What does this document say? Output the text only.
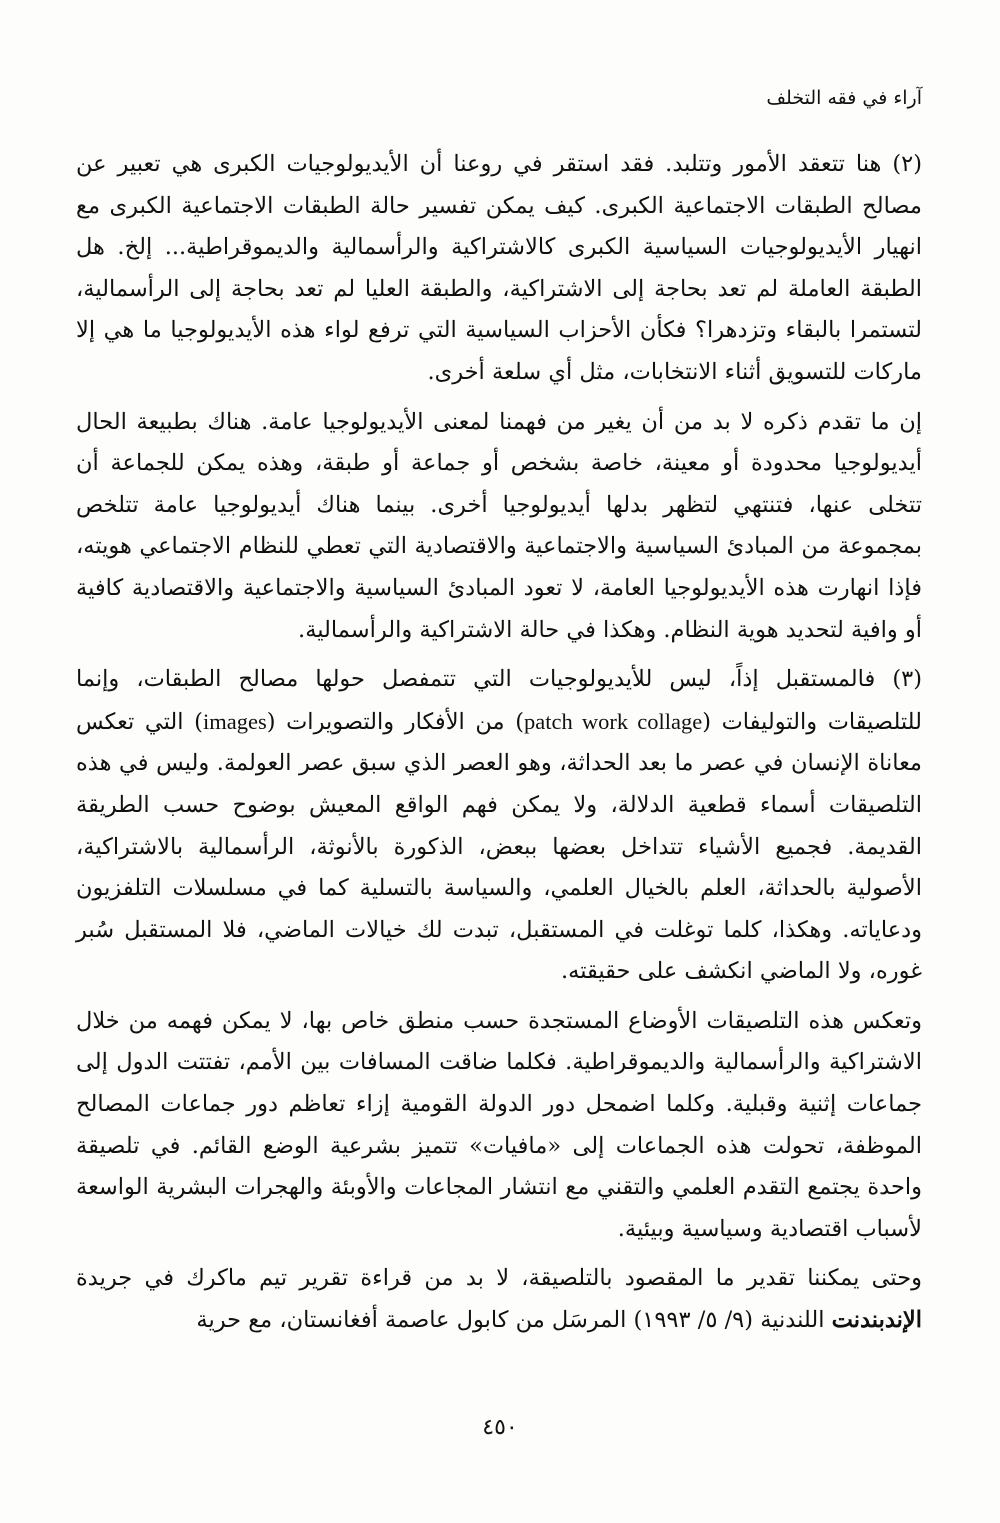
آراء في فقه التخلف

(٢) هنا تتعقد الأمور وتتلبد. فقد استقر في روعنا أن الأيديولوجيات الكبرى هي تعبير عن مصالح الطبقات الاجتماعية الكبرى. كيف يمكن تفسير حالة الطبقات الاجتماعية الكبرى مع انهيار الأيديولوجيات السياسية الكبرى كالاشتراكية والرأسمالية والديموقراطية... إلخ. هل الطبقة العاملة لم تعد بحاجة إلى الاشتراكية، والطبقة العليا لم تعد بحاجة إلى الرأسمالية، لتستمرا بالبقاء وتزدهرا؟ فكأن الأحزاب السياسية التي ترفع لواء هذه الأيديولوجيا ما هي إلا ماركات للتسويق أثناء الانتخابات، مثل أي سلعة أخرى.

إن ما تقدم ذكره لا بد من أن يغير من فهمنا لمعنى الأيديولوجيا عامة. هناك بطبيعة الحال أيديولوجيا محدودة أو معينة، خاصة بشخص أو جماعة أو طبقة، وهذه يمكن للجماعة أن تتخلى عنها، فتنتهي لتظهر بدلها أيديولوجيا أخرى. بينما هناك أيديولوجيا عامة تتلخص بمجموعة من المبادئ السياسية والاجتماعية والاقتصادية التي تعطي للنظام الاجتماعي هويته، فإذا انهارت هذه الأيديولوجيا العامة، لا تعود المبادئ السياسية والاجتماعية والاقتصادية كافية أو وافية لتحديد هوية النظام. وهكذا في حالة الاشتراكية والرأسمالية.

(٣) فالمستقبل إذاً، ليس للأيديولوجيات التي تتمفصل حولها مصالح الطبقات، وإنما للتلصيقات والتوليفات (patch work collage) من الأفكار والتصويرات (images) التي تعكس معاناة الإنسان في عصر ما بعد الحداثة، وهو العصر الذي سبق عصر العولمة. وليس في هذه التلصيقات أسماء قطعية الدلالة، ولا يمكن فهم الواقع المعيش بوضوح حسب الطريقة القديمة. فجميع الأشياء تتداخل بعضها ببعض، الذكورة بالأنوثة، الرأسمالية بالاشتراكية، الأصولية بالحداثة، العلم بالخيال العلمي، والسياسة بالتسلية كما في مسلسلات التلفزيون ودعاياته. وهكذا، كلما توغلت في المستقبل، تبدت لك خيالات الماضي، فلا المستقبل سُبر غوره، ولا الماضي انكشف على حقيقته.

وتعكس هذه التلصيقات الأوضاع المستجدة حسب منطق خاص بها، لا يمكن فهمه من خلال الاشتراكية والرأسمالية والديموقراطية. فكلما ضاقت المسافات بين الأمم، تفتتت الدول إلى جماعات إثنية وقبلية. وكلما اضمحل دور الدولة القومية إزاء تعاظم دور جماعات المصالح الموظفة، تحولت هذه الجماعات إلى «مافيات» تتميز بشرعية الوضع القائم. في تلصيقة واحدة يجتمع التقدم العلمي والتقني مع انتشار المجاعات والأوبئة والهجرات البشرية الواسعة لأسباب اقتصادية وسياسية وبيئية.

وحتى يمكننا تقدير ما المقصود بالتلصيقة، لا بد من قراءة تقرير تيم ماكرك في جريدة الإندبندنت اللندنية (٩/ ٥/ ١٩٩٣) المرسَل من كابول عاصمة أفغانستان، مع حرية

٤٥٠
